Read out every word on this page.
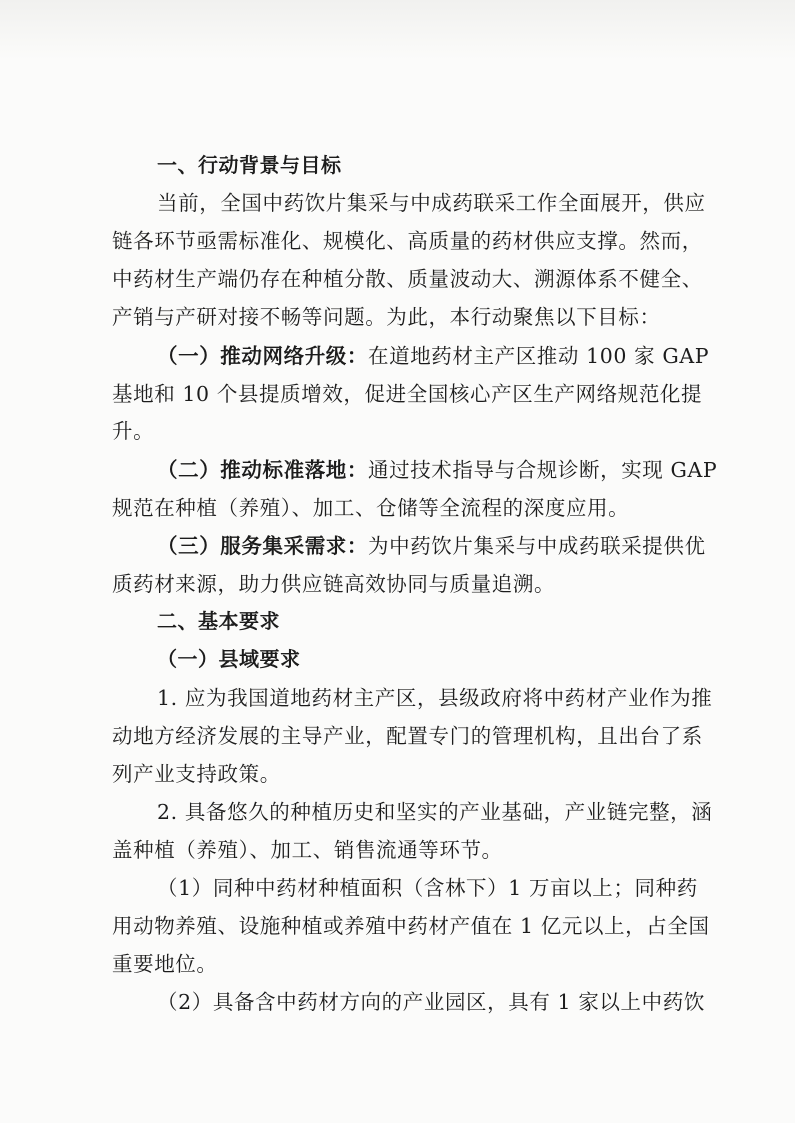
一、行动背景与目标
当前，全国中药饮片集采与中成药联采工作全面展开，供应
链各环节亟需标准化、规模化、高质量的药材供应支撑。然而，
中药材生产端仍存在种植分散、质量波动大、溯源体系不健全、
产销与产研对接不畅等问题。为此，本行动聚焦以下目标：
（一）推动网络升级：在道地药材主产区推动 100 家 GAP
基地和 10 个县提质增效，促进全国核心产区生产网络规范化提
升。
（二）推动标准落地：通过技术指导与合规诊断，实现 GAP
规范在种植（养殖）、加工、仓储等全流程的深度应用。
（三）服务集采需求：为中药饮片集采与中成药联采提供优
质药材来源，助力供应链高效协同与质量追溯。
二、基本要求
（一）县域要求
1. 应为我国道地药材主产区，县级政府将中药材产业作为推
动地方经济发展的主导产业，配置专门的管理机构，且出台了系
列产业支持政策。
2. 具备悠久的种植历史和坚实的产业基础，产业链完整，涵
盖种植（养殖）、加工、销售流通等环节。
（1）同种中药材种植面积（含林下）1 万亩以上；同种药
用动物养殖、设施种植或养殖中药材产值在 1 亿元以上，占全国
重要地位。
（2）具备含中药材方向的产业园区，具有 1 家以上中药饮
